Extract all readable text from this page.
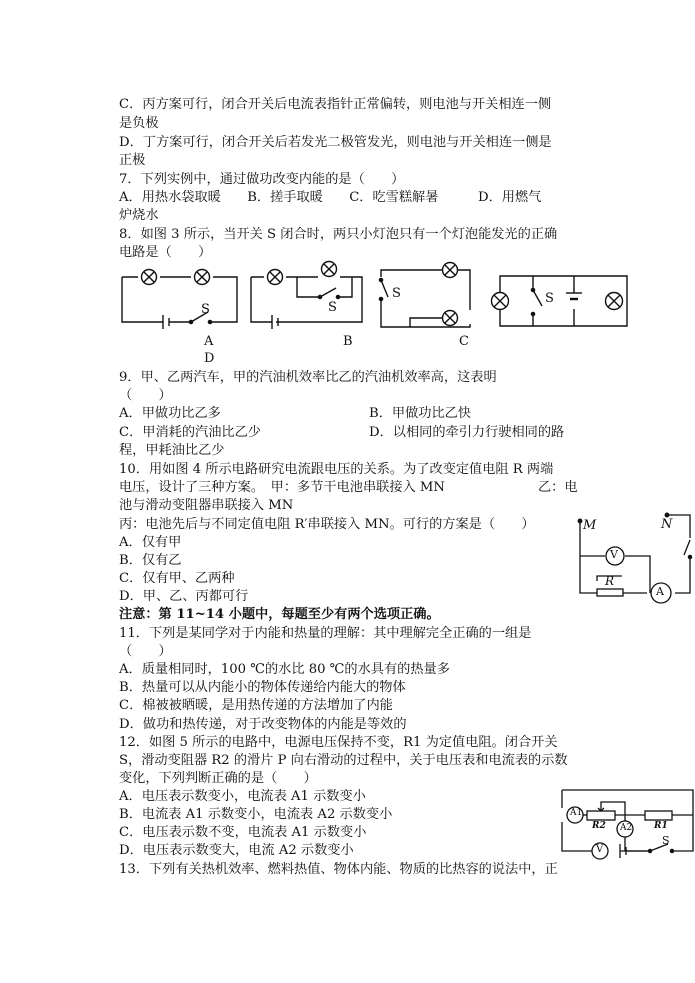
C．丙方案可行，闭合开关后电流表指针正常偏转，则电池与开关相连一侧
是负极
D．丁方案可行，闭合开关后若发光二极管发光，则电池与开关相连一侧是
正极
7．下列实例中，通过做功改变内能的是（　　）
A．用热水袋取暖　　B．搓手取暖　　C．吃雪糕解暑　　　D．用燃气
炉烧水
8．如图 3 所示，当开关 S 闭合时，两只小灯泡只有一个灯泡能发光的正确
电路是（　　）
S	S
S	S
A	B	C
D
9．甲、乙两汽车，甲的汽油机效率比乙的汽油机效率高，这表明
（　　）
A．甲做功比乙多	B．甲做功比乙快
C．甲消耗的汽油比乙少	D．以相同的牵引力行驶相同的路
程，甲耗油比乙少
10．用如图 4 所示电路研究电流跟电压的关系。为了改变定值电阻 R 两端
电压，设计了三种方案。　甲：多节干电池串联接入 MN	乙：电
池与滑动变阻器串联接入 MN
丙：电池先后与不同定值电阻 R′串联接入 MN。可行的方案是（　　）
A．仅有甲
B．仅有乙
C．仅有甲、乙两种
D．甲、乙、丙都可行
M	N
V
R
A
注意：第 11~14 小题中，每题至少有两个选项正确。
11．下列是某同学对于内能和热量的理解：其中理解完全正确的一组是
（　　）
A．质量相同时，100 ℃的水比 80 ℃的水具有的热量多
B．热量可以从内能小的物体传递给内能大的物体
C．棉被被晒暖，是用热传递的方法增加了内能
D．做功和热传递，对于改变物体的内能是等效的
12．如图 5 所示的电路中，电源电压保持不变，R1 为定值电阻。闭合开关
S，滑动变阻器 R2 的滑片 P 向右滑动的过程中，关于电压表和电流表的示数
变化，下列判断正确的是（　　）
A．电压表示数变小，电流表 A1 示数变小
B．电流表 A1 示数变小，电流表 A2 示数变小
C．电压表示数不变，电流表 A1 示数变小
D．电压表示数变大，电流 A2 示数变小
A1
R2 A2 R1
V
S
13．下列有关热机效率、燃料热值、物体内能、物质的比热容的说法中，正
